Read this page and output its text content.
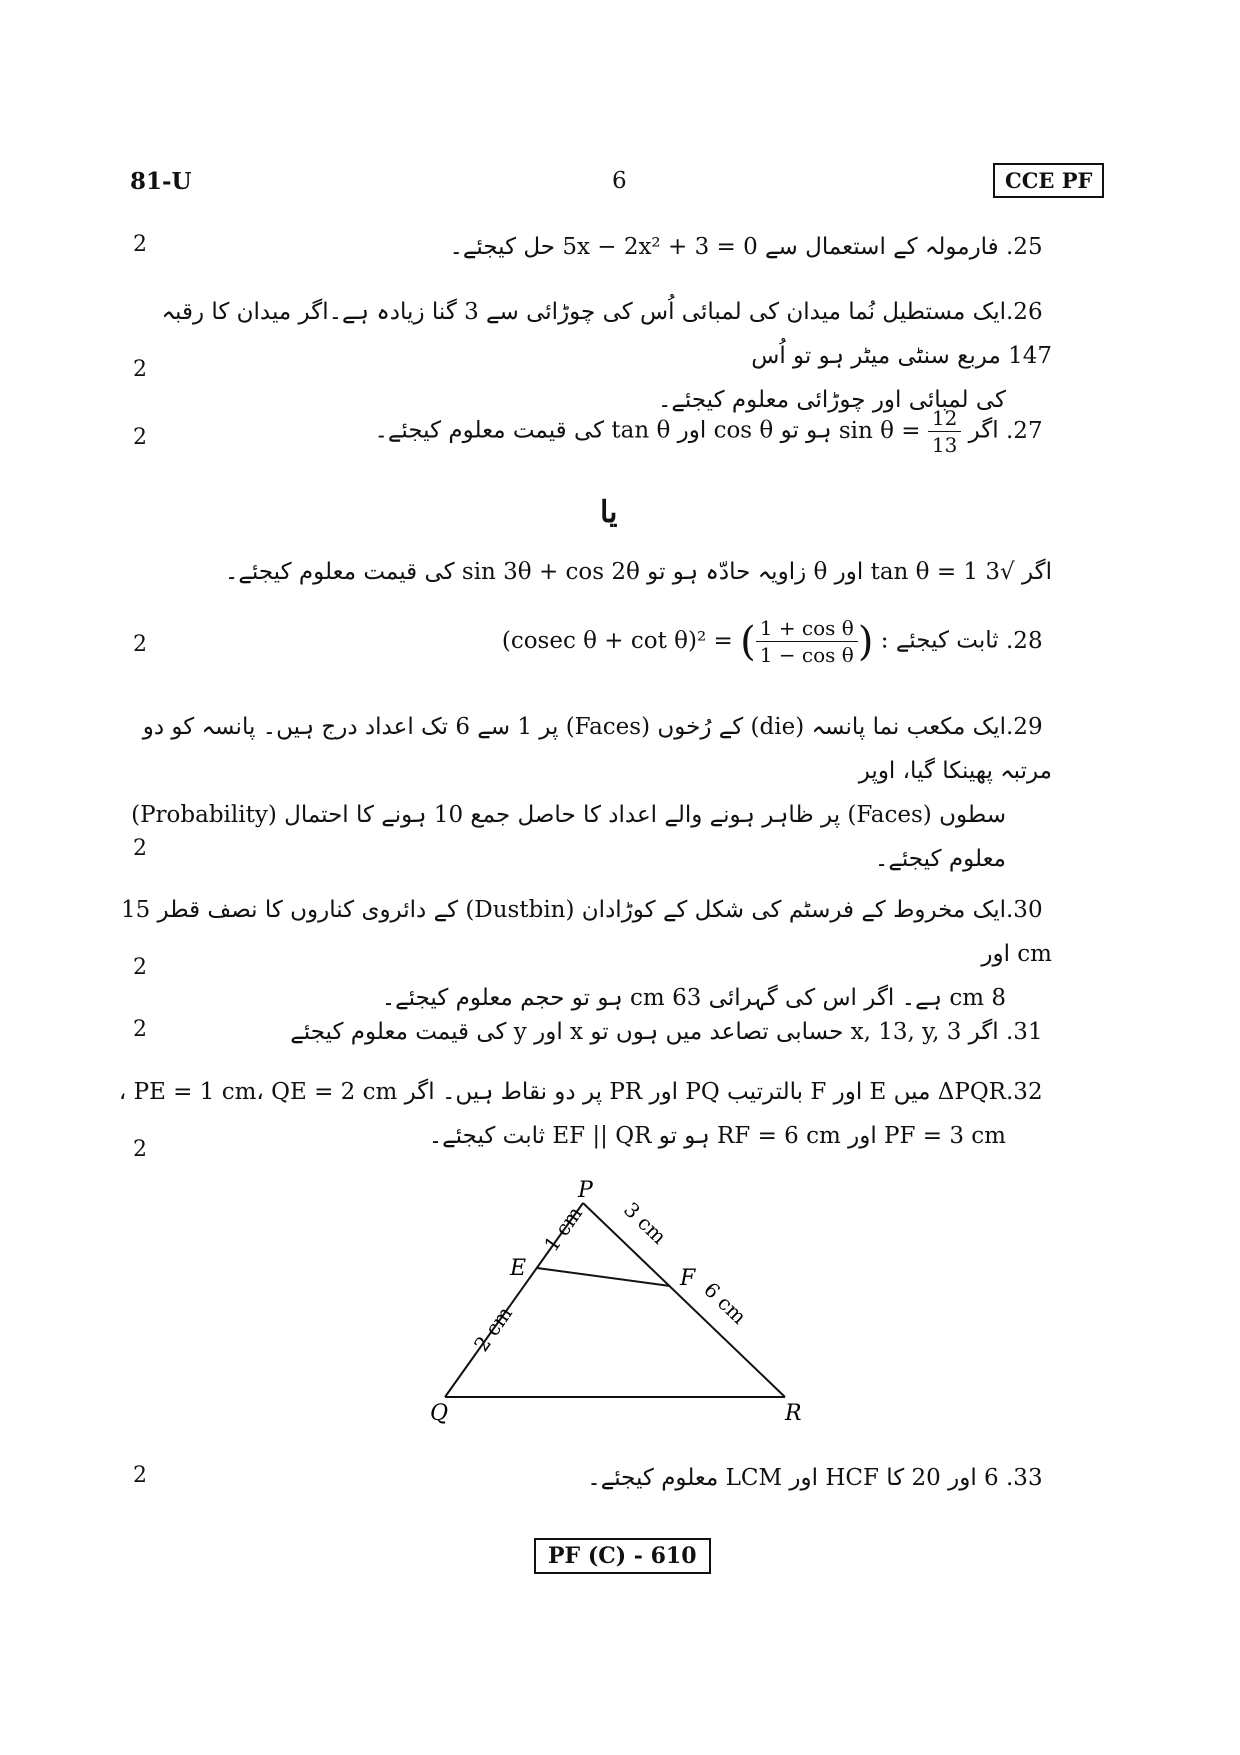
81-U	6	CCE PF
2	.25 فارمولہ کے استعمال سے 0 = 3 + 5x − 2x² حل کیجئے۔
.26ایک مستطیل نُما میدان کی لمبائی اُس کی چوڑائی سے 3 گنا زیادہ ہے۔اگر میدان کا رقبہ 147 مربع سنٹی میٹر ہو تو اُس
کی لمبائی اور چوڑائی معلوم کیجئے۔
2
2	.27 اگر $\sin \theta = \frac{12}{13}$
ہو تو cos θ اور tan θ کی قیمت معلوم کیجئے۔
یا
اگر √3 tan θ = 1 اور θ زاویہ حادّہ ہو تو sin 3θ + cos 2θ کی قیمت معلوم کیجئے۔
2	.28 ثابت کیجئے : (cosec θ + cot θ)² = ( $\frac{\text{1 + cos θ}}{\text{1 − cos θ}}$ )
.29ایک مکعب نما پانسہ (die) کے رُخوں (Faces) پر 1 سے 6 تک اعداد درج ہیں۔ پانسہ کو دو مرتبہ پھینکا گیا، اوپر
سطوں (Faces) پر ظاہر ہونے والے اعداد کا حاصل جمع 10 ہونے کا احتمال (Probability) معلوم کیجئے۔
2
.30ایک مخروط کے فرسٹم کی شکل کے کوڑادان (Dustbin) کے دائروی کناروں کا نصف قطر 15 cm اور
8 cm ہے۔ اگر اس کی گہرائی 63 cm ہو تو حجم معلوم کیجئے۔
2
2	.31 اگر x, 13, y, 3 حسابی تصاعد میں ہوں تو x اور y کی قیمت معلوم کیجئے
.32ΔPQR میں E اور F بالترتیب PQ اور PR پر دو نقاط ہیں۔ اگر PE = 1 cm، QE = 2 cm ،
PF = 3 cm اور RF = 6 cm ہو تو EF || QR ثابت کیجئے۔
2
P
Q	R
E	F
1 cm
2 cm
3 cm
6 cm
2	.33 6 اور 20 کا HCF اور LCM معلوم کیجئے۔
PF (C) - 610
